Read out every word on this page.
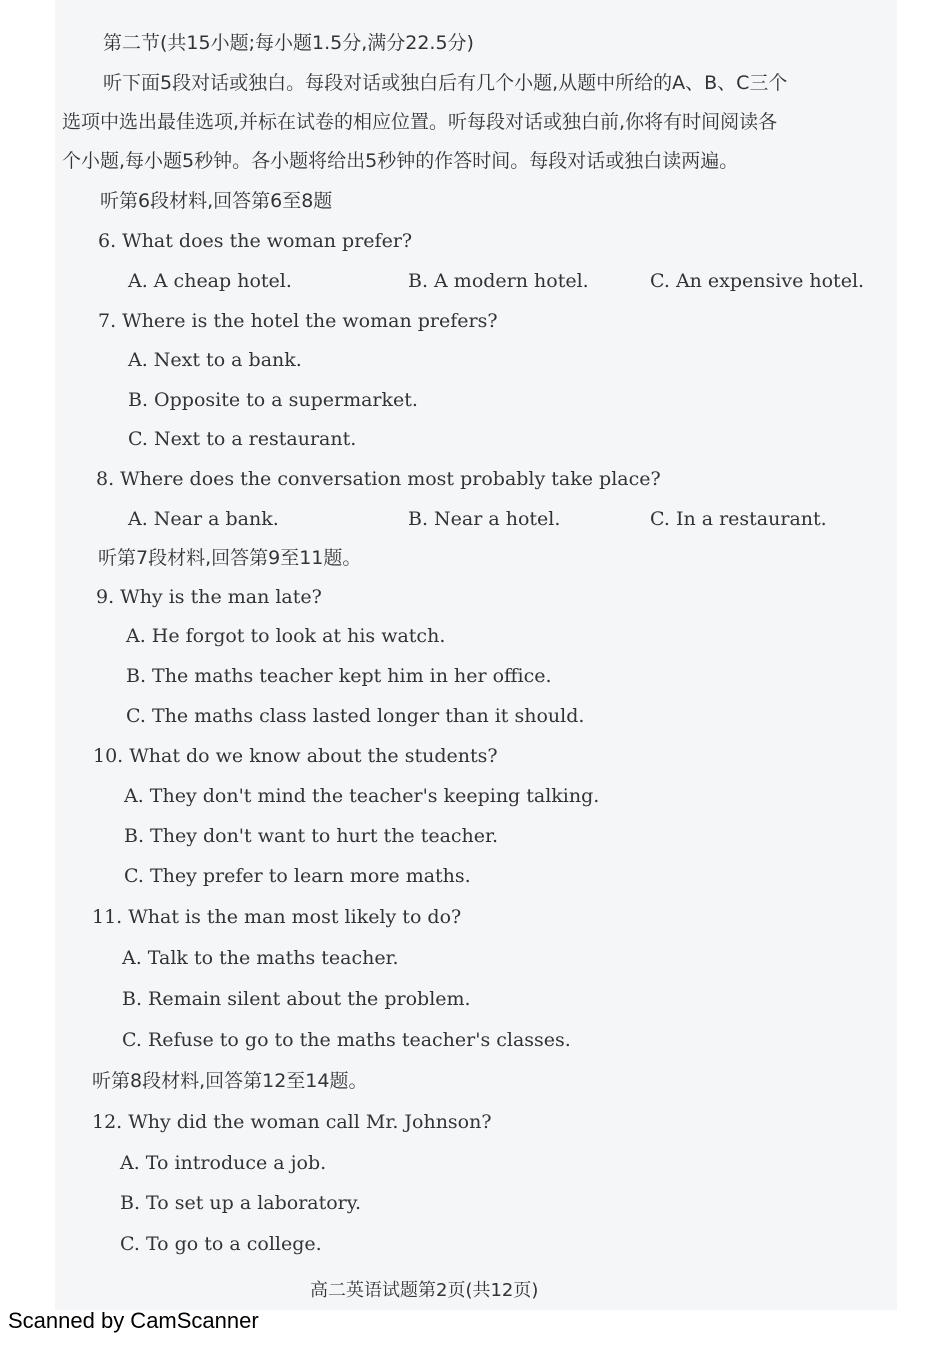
第二节(共15小题;每小题1.5分,满分22.5分)
听下面5段对话或独白。每段对话或独白后有几个小题,从题中所给的A、B、C三个
选项中选出最佳选项,并标在试卷的相应位置。听每段对话或独白前,你将有时间阅读各
个小题,每小题5秒钟。各小题将给出5秒钟的作答时间。每段对话或独白读两遍。
听第6段材料,回答第6至8题
6. What does the woman prefer?
A. A cheap hotel.	B. A modern hotel.	C. An expensive hotel.
7. Where is the hotel the woman prefers?
A. Next to a bank.
B. Opposite to a supermarket.
C. Next to a restaurant.
8. Where does the conversation most probably take place?
A. Near a bank.	B. Near a hotel.	C. In a restaurant.
听第7段材料,回答第9至11题。
9. Why is the man late?
A. He forgot to look at his watch.
B. The maths teacher kept him in her office.
C. The maths class lasted longer than it should.
10. What do we know about the students?
A. They don't mind the teacher's keeping talking.
B. They don't want to hurt the teacher.
C. They prefer to learn more maths.
11. What is the man most likely to do?
A. Talk to the maths teacher.
B. Remain silent about the problem.
C. Refuse to go to the maths teacher's classes.
听第8段材料,回答第12至14题。
12. Why did the woman call Mr. Johnson?
A. To introduce a job.
B. To set up a laboratory.
C. To go to a college.
高二英语试题第2页(共12页)
Scanned by CamScanner
